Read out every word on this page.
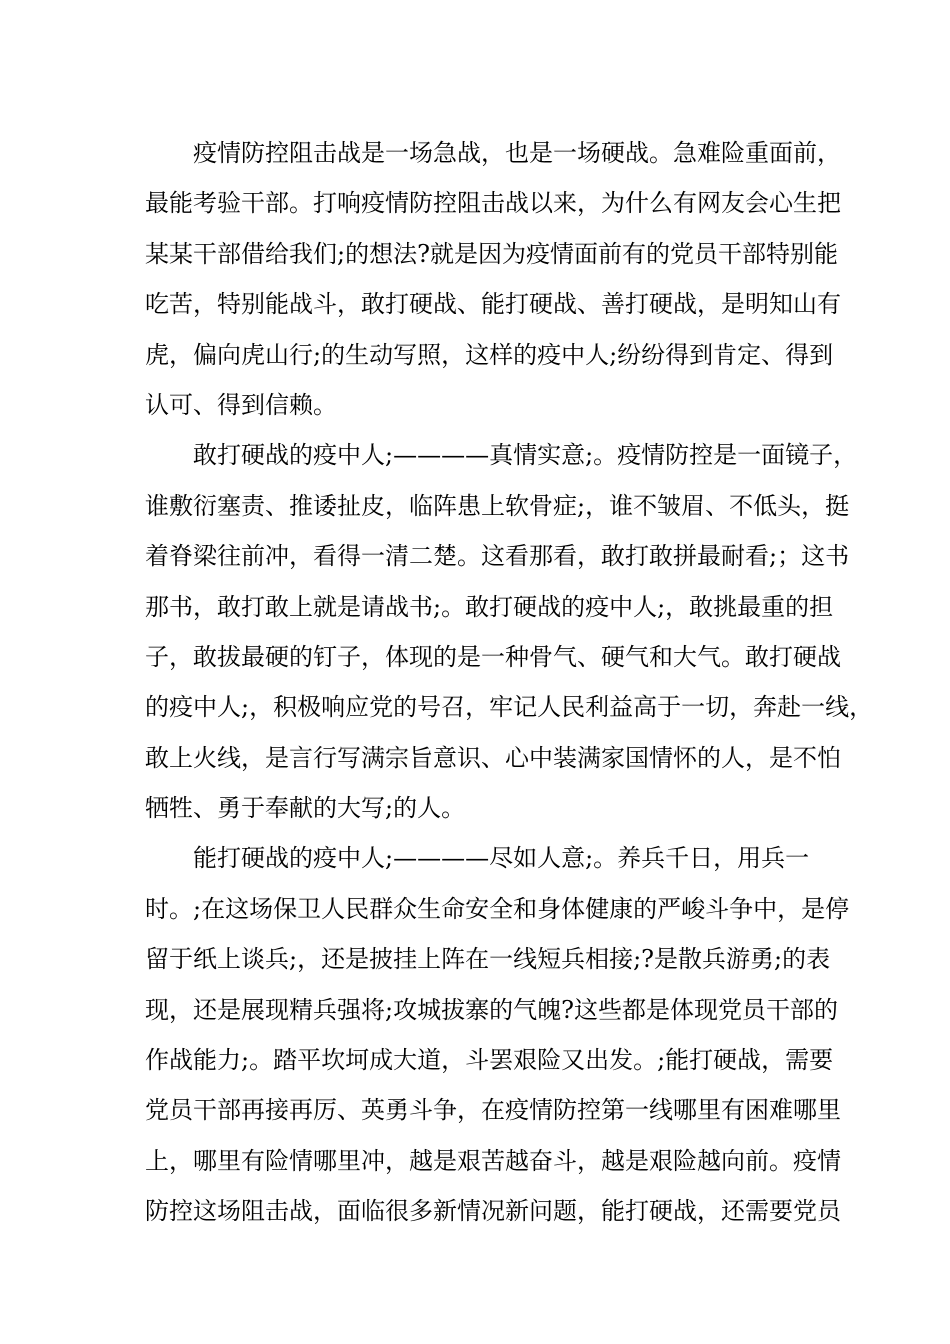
　　疫情防控阻击战是一场急战，也是一场硬战。急难险重面前，
最能考验干部。打响疫情防控阻击战以来，为什么有网友会心生把
某某干部借给我们;的想法?就是因为疫情面前有的党员干部特别能
吃苦，特别能战斗，敢打硬战、能打硬战、善打硬战，是明知山有
虎，偏向虎山行;的生动写照，这样的疫中人;纷纷得到肯定、得到
认可、得到信赖。
　　敢打硬战的疫中人;————真情实意;。疫情防控是一面镜子，
谁敷衍塞责、推诿扯皮，临阵患上软骨症;，谁不皱眉、不低头，挺
着脊梁往前冲，看得一清二楚。这看那看，敢打敢拼最耐看;；这书
那书，敢打敢上就是请战书;。敢打硬战的疫中人;，敢挑最重的担
子，敢拔最硬的钉子，体现的是一种骨气、硬气和大气。敢打硬战
的疫中人;，积极响应党的号召，牢记人民利益高于一切，奔赴一线，
敢上火线，是言行写满宗旨意识、心中装满家国情怀的人，是不怕
牺牲、勇于奉献的大写;的人。
　　能打硬战的疫中人;————尽如人意;。养兵千日，用兵一
时。;在这场保卫人民群众生命安全和身体健康的严峻斗争中，是停
留于纸上谈兵;，还是披挂上阵在一线短兵相接;?是散兵游勇;的表
现，还是展现精兵强将;攻城拔寨的气魄?这些都是体现党员干部的
作战能力;。踏平坎坷成大道，斗罢艰险又出发。;能打硬战，需要
党员干部再接再厉、英勇斗争，在疫情防控第一线哪里有困难哪里
上，哪里有险情哪里冲，越是艰苦越奋斗，越是艰险越向前。疫情
防控这场阻击战，面临很多新情况新问题，能打硬战，还需要党员
